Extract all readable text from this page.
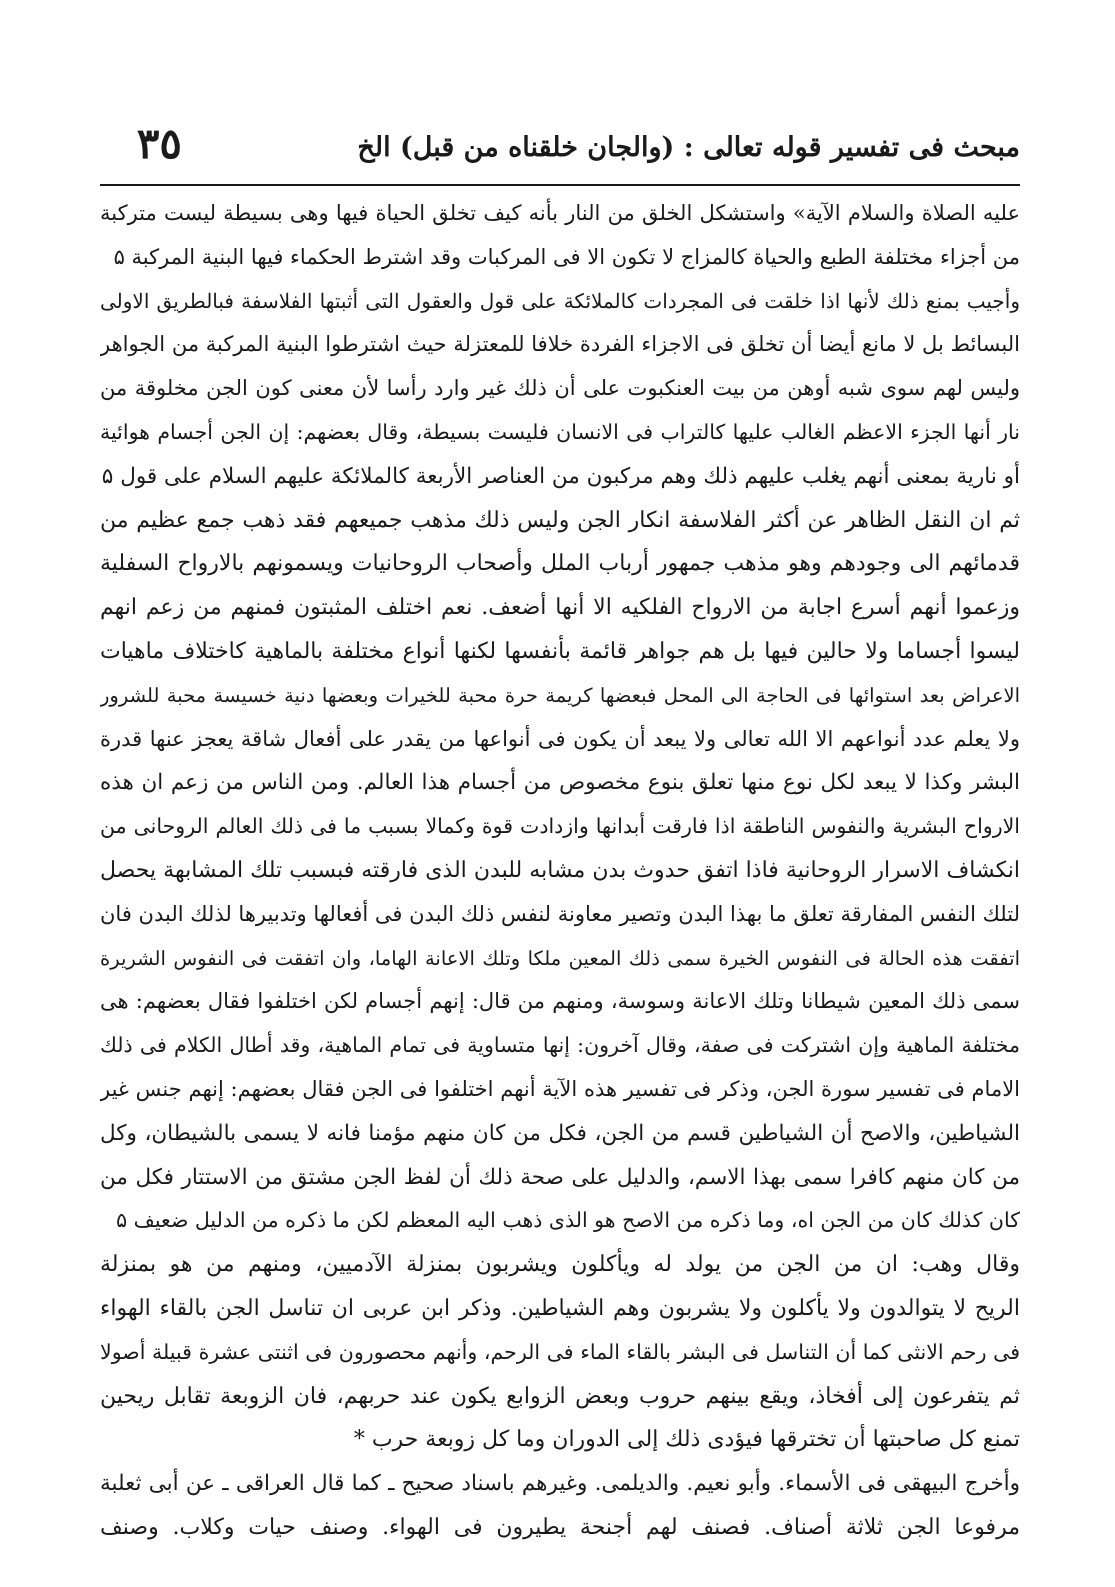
مبحث فى تفسير قوله تعالى : (والجان خلقناه من قبل) الخ
٣٥
عليه الصلاة والسلام الآية» واستشكل الخلق من النار بأنه كيف تخلق الحياة فيها وهى بسيطة ليست متركبة
من أجزاء مختلفة الطبع والحياة كالمزاج لا تكون الا فى المركبات وقد اشترط الحكماء فيها البنية المركبة ۵
وأجيب بمنع ذلك لأنها اذا خلقت فى المجردات كالملائكة على قول والعقول التى أثبتها الفلاسفة فبالطريق الاولى
البسائط بل لا مانع أيضا أن تخلق فى الاجزاء الفردة خلافا للمعتزلة حيث اشترطوا البنية المركبة من الجواهر
وليس لهم سوى شبه أوهن من بيت العنكبوت على أن ذلك غير وارد رأسا لأن معنى كون الجن مخلوقة من
نار أنها الجزء الاعظم الغالب عليها كالتراب فى الانسان فليست بسيطة، وقال بعضهم: إن الجن أجسام هوائية
أو نارية بمعنى أنهم يغلب عليهم ذلك وهم مركبون من العناصر الأربعة كالملائكة عليهم السلام على قول ۵
ثم ان النقل الظاهر عن أكثر الفلاسفة انكار الجن وليس ذلك مذهب جميعهم فقد ذهب جمع عظيم من
قدمائهم الى وجودهم وهو مذهب جمهور أرباب الملل وأصحاب الروحانيات ويسمونهم بالارواح السفلية
وزعموا أنهم أسرع اجابة من الارواح الفلكيه الا أنها أضعف. نعم اختلف المثبتون فمنهم من زعم انهم
ليسوا أجساما ولا حالين فيها بل هم جواهر قائمة بأنفسها لكنها أنواع مختلفة بالماهية كاختلاف ماهيات
الاعراض بعد استوائها فى الحاجة الى المحل فبعضها كريمة حرة محبة للخيرات وبعضها دنية خسيسة محبة للشرور
ولا يعلم عدد أنواعهم الا الله تعالى ولا يبعد أن يكون فى أنواعها من يقدر على أفعال شاقة يعجز عنها قدرة
البشر وكذا لا يبعد لكل نوع منها تعلق بنوع مخصوص من أجسام هذا العالم. ومن الناس من زعم ان هذه
الارواح البشرية والنفوس الناطقة اذا فارقت أبدانها وازدادت قوة وكمالا بسبب ما فى ذلك العالم الروحانى من
انكشاف الاسرار الروحانية فاذا اتفق حدوث بدن مشابه للبدن الذى فارقته فبسبب تلك المشابهة يحصل
لتلك النفس المفارقة تعلق ما بهذا البدن وتصير معاونة لنفس ذلك البدن فى أفعالها وتدبيرها لذلك البدن فان
اتفقت هذه الحالة فى النفوس الخيرة سمى ذلك المعين ملكا وتلك الاعانة الهاما، وان اتفقت فى النفوس الشريرة
سمى ذلك المعين شيطانا وتلك الاعانة وسوسة، ومنهم من قال: إنهم أجسام لكن اختلفوا فقال بعضهم: هى
مختلفة الماهية وإن اشتركت فى صفة، وقال آخرون: إنها متساوية فى تمام الماهية، وقد أطال الكلام فى ذلك
الامام فى تفسير سورة الجن، وذكر فى تفسير هذه الآية أنهم اختلفوا فى الجن فقال بعضهم: إنهم جنس غير
الشياطين، والاصح أن الشياطين قسم من الجن، فكل من كان منهم مؤمنا فانه لا يسمى بالشيطان، وكل
من كان منهم كافرا سمى بهذا الاسم، والدليل على صحة ذلك أن لفظ الجن مشتق من الاستتار فكل من
كان كذلك كان من الجن اه، وما ذكره من الاصح هو الذى ذهب اليه المعظم لكن ما ذكره من الدليل ضعيف ۵
وقال وهب: ان من الجن من يولد له ويأكلون ويشربون بمنزلة الآدميين، ومنهم من هو بمنزلة
الريح لا يتوالدون ولا يأكلون ولا يشربون وهم الشياطين. وذكر ابن عربى ان تناسل الجن بالقاء الهواء
فى رحم الانثى كما أن التناسل فى البشر بالقاء الماء فى الرحم، وأنهم محصورون فى اثنتى عشرة قبيلة أصولا
ثم يتفرعون إلى أفخاذ، ويقع بينهم حروب وبعض الزوابع يكون عند حربهم، فان الزوبعة تقابل ريحين
تمنع كل صاحبتها أن تخترقها فيؤدى ذلك إلى الدوران وما كل زوبعة حرب *
وأخرج البيهقى فى الأسماء. وأبو نعيم. والديلمى. وغيرهم باسناد صحيح ـ كما قال العراقى ـ عن أبى ثعلبة
مرفوعا الجن ثلاثة أصناف. فصنف لهم أجنحة يطيرون فى الهواء. وصنف حيات وكلاب. وصنف
